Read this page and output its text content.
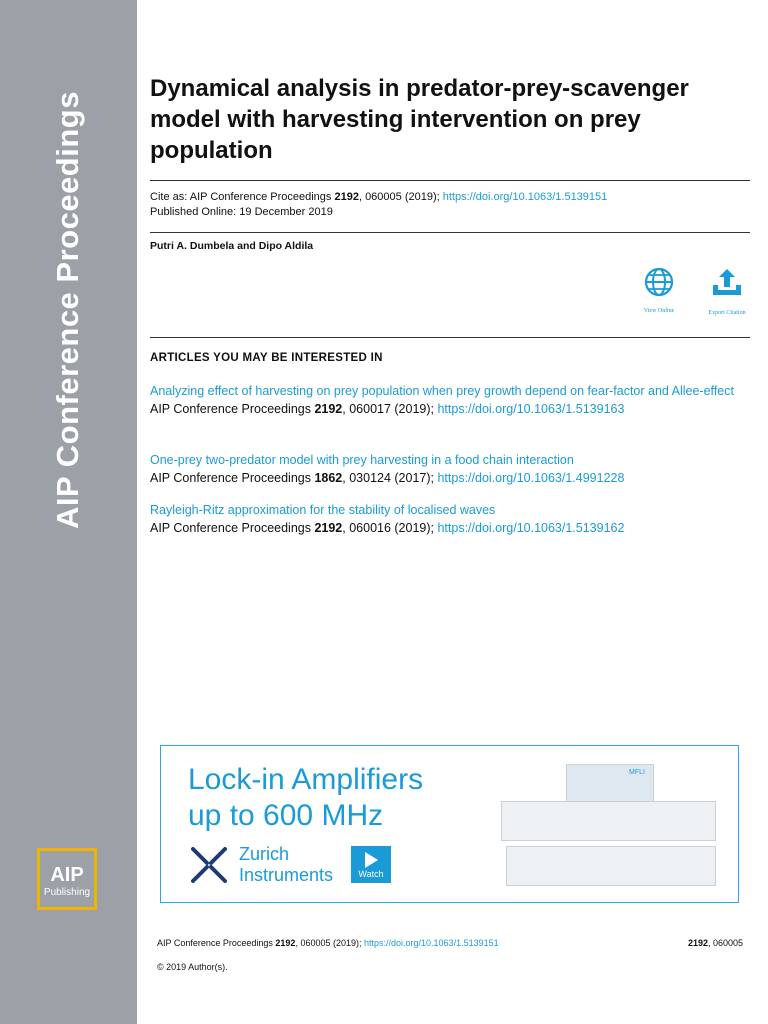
AIP Conference Proceedings
AIP
Publishing
Dynamical analysis in predator-prey-scavenger model with harvesting intervention on prey population
Cite as: AIP Conference Proceedings 2192, 060005 (2019); https://doi.org/10.1063/1.5139151
Published Online: 19 December 2019
Putri A. Dumbela and Dipo Aldila
View Online	Export Citation
ARTICLES YOU MAY BE INTERESTED IN
Analyzing effect of harvesting on prey population when prey growth depend on fear-factor and Allee-effect
AIP Conference Proceedings 2192, 060017 (2019); https://doi.org/10.1063/1.5139163
One-prey two-predator model with prey harvesting in a food chain interaction
AIP Conference Proceedings 1862, 030124 (2017); https://doi.org/10.1063/1.4991228
Rayleigh-Ritz approximation for the stability of localised waves
AIP Conference Proceedings 2192, 060016 (2019); https://doi.org/10.1063/1.5139162
Lock-in Amplifiers
up to 600 MHz
Zurich
Instruments	Watch
MFLI
AIP Conference Proceedings 2192, 060005 (2019); https://doi.org/10.1063/1.5139151	2192, 060005
© 2019 Author(s).
